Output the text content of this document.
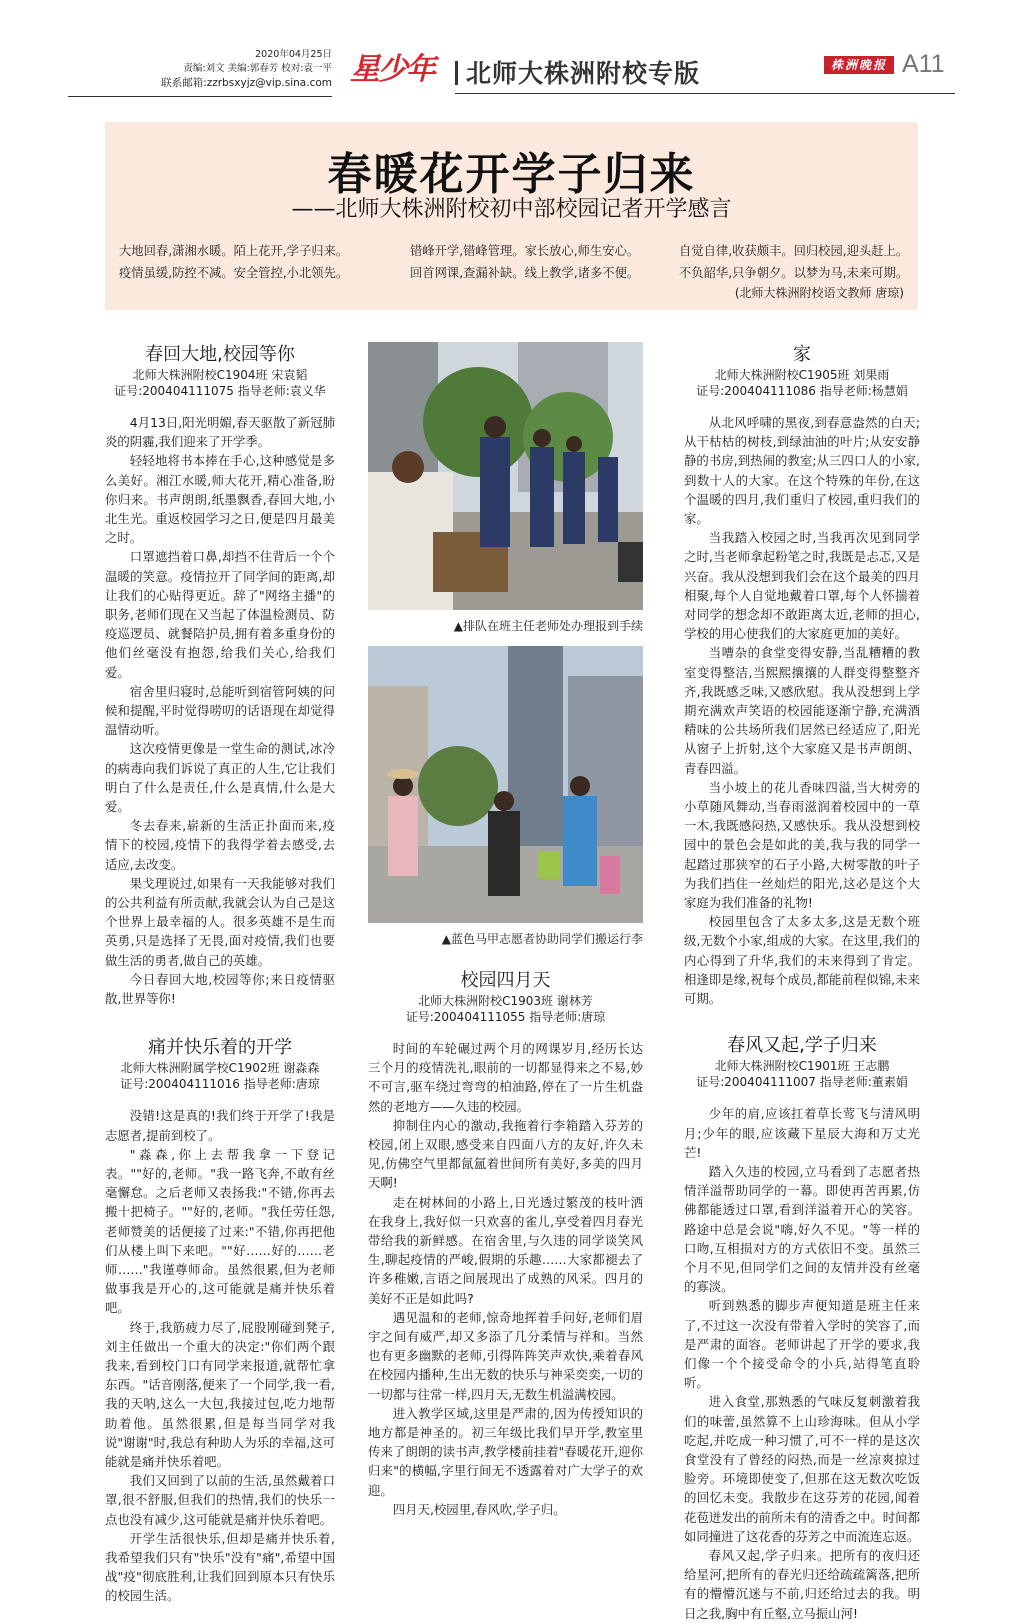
2020年04月25日
责编:刘文 美编:郭春芳 校对:袁一平
联系邮箱:zzrbsxyjz@vip.sina.com 星少年	北师大株洲附校专版	株洲晚报 A11
春暖花开学子归来
——北师大株洲附校初中部校园记者开学感言
大地回春,潇湘水暖。陌上花开,学子归来。
疫情虽缓,防控不减。安全管控,小北领先。
错峰开学,错峰管理。家长放心,师生安心。
回首网课,查漏补缺。线上教学,诸多不便。
自觉自律,收获颇丰。回归校园,迎头赶上。
不负韶华,只争朝夕。以梦为马,未来可期。
(北师大株洲附校语文教师 唐琼)
春回大地,校园等你
北师大株洲附校C1904班 宋袁韬
证号:200404111075 指导老师:袁义华

4月13日,阳光明媚,春天驱散了新冠肺炎的阴霾,我们迎来了开学季。

轻轻地将书本捧在手心,这种感觉是多么美好。湘江水暖,师大花开,精心准备,盼你归来。书声朗朗,纸墨飘香,春回大地,小北生光。重返校园学习之日,便是四月最美之时。

口罩遮挡着口鼻,却挡不住背后一个个温暖的笑意。疫情拉开了同学间的距离,却让我们的心贴得更近。辞了"网络主播"的职务,老师们现在又当起了体温检测员、防疫巡逻员、就餐陪护员,拥有着多重身份的他们丝毫没有抱怨,给我们关心,给我们爱。

宿舍里归寝时,总能听到宿管阿姨的问候和提醒,平时觉得唠叨的话语现在却觉得温情动听。

这次疫情更像是一堂生命的测试,冰冷的病毒向我们诉说了真正的人生,它让我们明白了什么是责任,什么是真情,什么是大爱。

冬去春来,崭新的生活正扑面而来,疫情下的校园,疫情下的我得学着去感受,去适应,去改变。

果戈理说过,如果有一天我能够对我们的公共利益有所贡献,我就会认为自己是这个世界上最幸福的人。很多英雄不是生而英勇,只是选择了无畏,面对疫情,我们也要做生活的勇者,做自己的英雄。

今日春回大地,校园等你;来日疫情驱散,世界等你!

痛并快乐着的开学
北师大株洲附属学校C1902班 谢淼森
证号:200404111016 指导老师:唐琼

没错!这是真的!我们终于开学了!我是志愿者,提前到校了。

"淼森,你上去帮我拿一下登记表。""好的,老师。"我一路飞奔,不敢有丝毫懈怠。之后老师又表扬我:"不错,你再去搬十把椅子。""好的,老师。"我任劳任怨,老师赞美的话便接了过来:"不错,你再把他们从楼上叫下来吧。""好……好的……老师……"我谨尊师命。虽然很累,但为老师做事我是开心的,这可能就是痛并快乐着吧。

终于,我筋疲力尽了,屁股刚碰到凳子,刘主任做出一个重大的决定:"你们两个跟我来,看到校门口有同学来报道,就帮忙拿东西。"话音刚落,便来了一个同学,我一看,我的天呐,这么一大包,我接过包,吃力地帮助着他。虽然很累,但是每当同学对我说"谢谢"时,我总有种助人为乐的幸福,这可能就是痛并快乐着吧。

我们又回到了以前的生活,虽然戴着口罩,很不舒服,但我们的热情,我们的快乐一点也没有减少,这可能就是痛并快乐着吧。

开学生活很快乐,但却是痛并快乐着,我希望我们只有"快乐"没有"痛",希望中国战"疫"彻底胜利,让我们回到原本只有快乐的校园生活。

▲排队在班主任老师处办理报到手续
▲蓝色马甲志愿者协助同学们搬运行李
校园四月天
北师大株洲附校C1903班 谢林芳
证号:200404111055 指导老师:唐琼

时间的车轮碾过两个月的网课岁月,经历长达三个月的疫情洗礼,眼前的一切都显得来之不易,妙不可言,驱车绕过弯弯的柏油路,停在了一片生机盎然的老地方——久违的校园。

抑制住内心的激动,我拖着行李箱踏入芬芳的校园,闭上双眼,感受来自四面八方的友好,许久未见,仿佛空气里都氤氲着世间所有美好,多美的四月天啊!

走在树林间的小路上,日光透过繁茂的枝叶洒在我身上,我好似一只欢喜的雀儿,享受着四月春光带给我的新鲜感。在宿舍里,与久违的同学谈笑风生,聊起疫情的严峻,假期的乐趣……大家都褪去了许多稚嫩,言语之间展现出了成熟的风采。四月的美好不正是如此吗?

遇见温和的老师,惊奇地挥着手问好,老师们眉宇之间有威严,却又多添了几分柔情与祥和。当然也有更多幽默的老师,引得阵阵笑声欢快,乘着春风在校园内播种,生出无数的快乐与神采奕奕,一切的一切都与往常一样,四月天,无数生机溢满校园。

进入教学区域,这里是严肃的,因为传授知识的地方都是神圣的。初三年级比我们早开学,教室里传来了朗朗的读书声,教学楼前挂着"春暖花开,迎你归来"的横幅,字里行间无不透露着对广大学子的欢迎。

四月天,校园里,春风吹,学子归。

家
北师大株洲附校C1905班 刘果雨
证号:200404111086 指导老师:杨慧娟

从北风呼啸的黑夜,到春意盎然的白天;从干枯枯的树枝,到绿油油的叶片;从安安静静的书房,到热闹的教室;从三四口人的小家,到数十人的大家。在这个特殊的年份,在这个温暖的四月,我们重归了校园,重归我们的家。

当我踏入校园之时,当我再次见到同学之时,当老师拿起粉笔之时,我既是忐忑,又是兴奋。我从没想到我们会在这个最美的四月相聚,每个人自觉地戴着口罩,每个人怀揣着对同学的想念却不敢距离太近,老师的担心,学校的用心使我们的大家庭更加的美好。

当嘈杂的食堂变得安静,当乱糟糟的教室变得整洁,当熙熙攘攘的人群变得整整齐齐,我既感乏味,又感欣慰。我从没想到上学期充满欢声笑语的校园能逐渐宁静,充满酒精味的公共场所我们居然已经适应了,阳光从窗子上折射,这个大家庭又是书声朗朗、青春四溢。

当小坡上的花儿香味四溢,当大树旁的小草随风舞动,当春雨滋润着校园中的一草一木,我既感闷热,又感快乐。我从没想到校园中的景色会是如此的美,我与我的同学一起踏过那狭窄的石子小路,大树零散的叶子为我们挡住一丝灿烂的阳光,这必是这个大家庭为我们准备的礼物!

校园里包含了太多太多,这是无数个班级,无数个小家,组成的大家。在这里,我们的内心得到了升华,我们的未来得到了肯定。相逢即是缘,祝每个成员,都能前程似锦,未来可期。

春风又起,学子归来
北师大株洲附校C1901班 王志鹏
证号:200404111007 指导老师:董素娟

少年的肩,应该扛着草长莺飞与清风明月;少年的眼,应该藏下星辰大海和万丈光芒!

踏入久违的校园,立马看到了志愿者热情洋溢帮助同学的一幕。即使再苦再累,仿佛都能透过口罩,看到洋溢着开心的笑容。路途中总是会说"嗨,好久不见。"等一样的口吻,互相损对方的方式依旧不变。虽然三个月不见,但同学们之间的友情并没有丝毫的寡淡。

听到熟悉的脚步声便知道是班主任来了,不过这一次没有带着入学时的笑容了,而是严肃的面容。老师讲起了开学的要求,我们像一个个接受命令的小兵,站得笔直聆听。

进入食堂,那熟悉的气味反复刺激着我们的味蕾,虽然算不上山珍海味。但从小学吃起,并吃成一种习惯了,可不一样的是这次食堂没有了曾经的闷热,而是一丝凉爽掠过脸旁。环境即使变了,但那在这无数次吃饭的回忆未变。我散步在这芬芳的花园,闻着花苞迸发出的前所未有的清香之中。时间都如同撞进了这花香的芬芳之中而流连忘返。

春风又起,学子归来。把所有的夜归还给星河,把所有的春光归还给疏疏篱落,把所有的懵懵沉迷与不前,归还给过去的我。明日之我,胸中有丘壑,立马振山河!
